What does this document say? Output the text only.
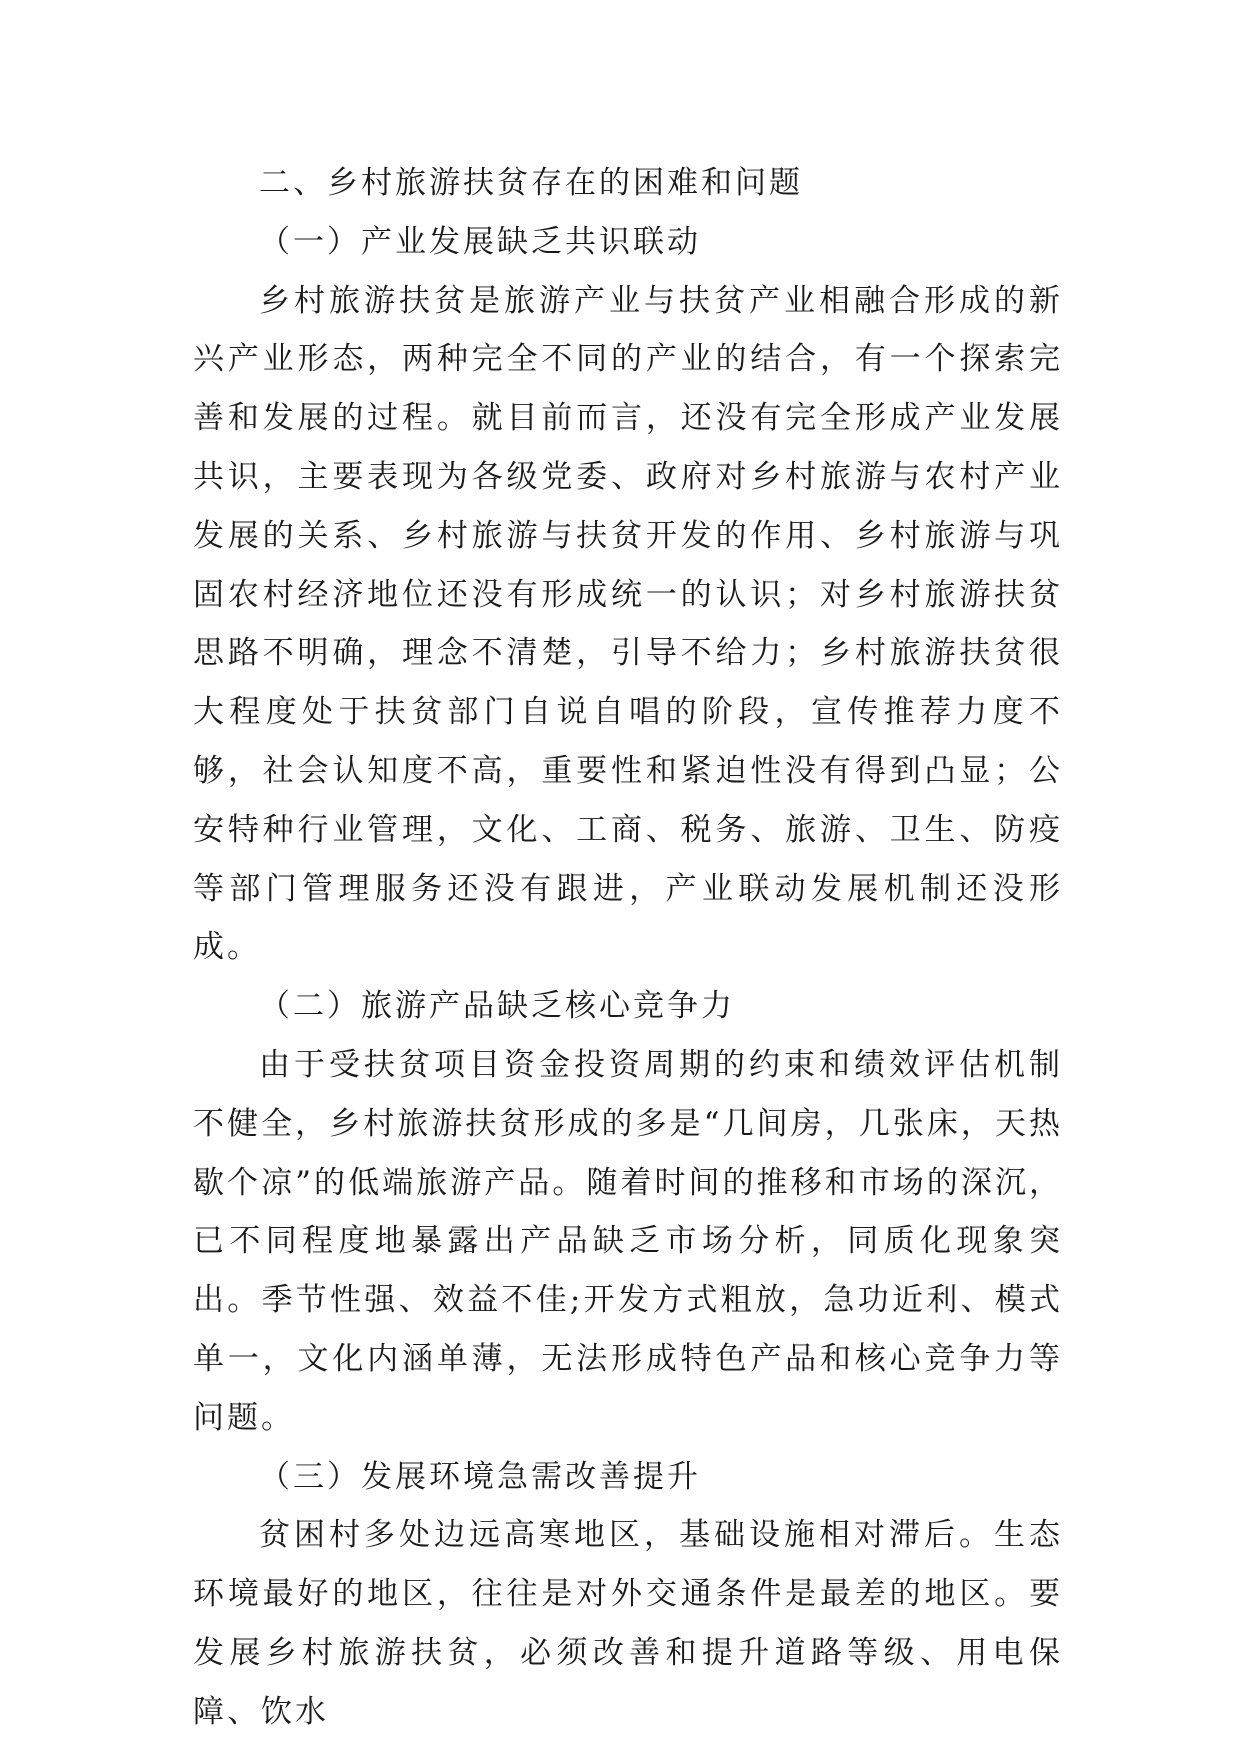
二、乡村旅游扶贫存在的困难和问题

（一）产业发展缺乏共识联动

乡村旅游扶贫是旅游产业与扶贫产业相融合形成的新兴产业形态，两种完全不同的产业的结合，有一个探索完善和发展的过程。就目前而言，还没有完全形成产业发展共识，主要表现为各级党委、政府对乡村旅游与农村产业发展的关系、乡村旅游与扶贫开发的作用、乡村旅游与巩固农村经济地位还没有形成统一的认识；对乡村旅游扶贫思路不明确，理念不清楚，引导不给力；乡村旅游扶贫很大程度处于扶贫部门自说自唱的阶段，宣传推荐力度不够，社会认知度不高，重要性和紧迫性没有得到凸显；公安特种行业管理，文化、工商、税务、旅游、卫生、防疫等部门管理服务还没有跟进，产业联动发展机制还没形成。

（二）旅游产品缺乏核心竞争力

由于受扶贫项目资金投资周期的约束和绩效评估机制不健全，乡村旅游扶贫形成的多是“几间房，几张床，天热歇个凉”的低端旅游产品。随着时间的推移和市场的深沉，已不同程度地暴露出产品缺乏市场分析，同质化现象突出。季节性强、效益不佳;开发方式粗放，急功近利、模式单一，文化内涵单薄，无法形成特色产品和核心竞争力等问题。

（三）发展环境急需改善提升

贫困村多处边远高寒地区，基础设施相对滞后。生态环境最好的地区，往往是对外交通条件是最差的地区。要发展乡村旅游扶贫，必须改善和提升道路等级、用电保障、饮水
